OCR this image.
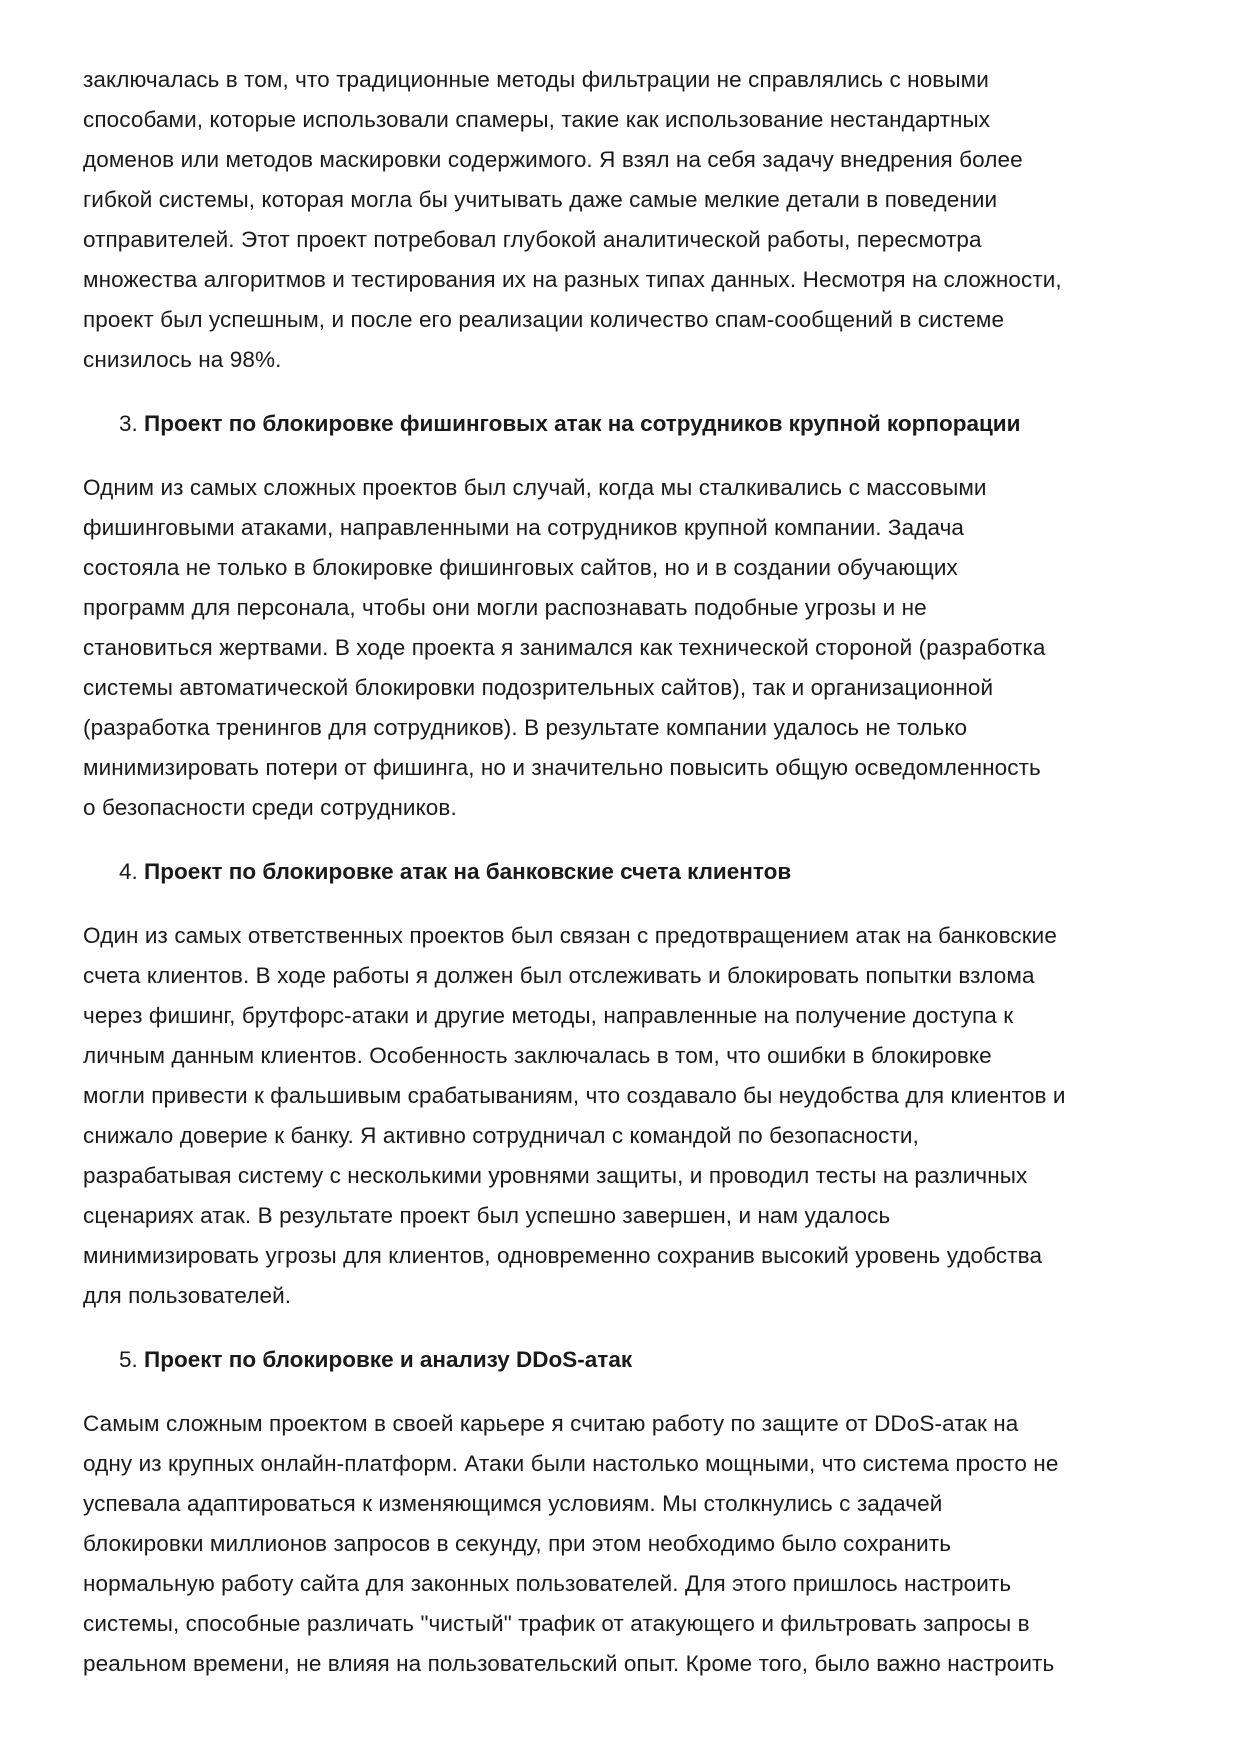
заключалась в том, что традиционные методы фильтрации не справлялись с новыми
способами, которые использовали спамеры, такие как использование нестандартных
доменов или методов маскировки содержимого. Я взял на себя задачу внедрения более
гибкой системы, которая могла бы учитывать даже самые мелкие детали в поведении
отправителей. Этот проект потребовал глубокой аналитической работы, пересмотра
множества алгоритмов и тестирования их на разных типах данных. Несмотря на сложности,
проект был успешным, и после его реализации количество спам-сообщений в системе
снизилось на 98%.

3. Проект по блокировке фишинговых атак на сотрудников крупной корпорации

Одним из самых сложных проектов был случай, когда мы сталкивались с массовыми
фишинговыми атаками, направленными на сотрудников крупной компании. Задача
состояла не только в блокировке фишинговых сайтов, но и в создании обучающих
программ для персонала, чтобы они могли распознавать подобные угрозы и не
становиться жертвами. В ходе проекта я занимался как технической стороной (разработка
системы автоматической блокировки подозрительных сайтов), так и организационной
(разработка тренингов для сотрудников). В результате компании удалось не только
минимизировать потери от фишинга, но и значительно повысить общую осведомленность
о безопасности среди сотрудников.

4. Проект по блокировке атак на банковские счета клиентов

Один из самых ответственных проектов был связан с предотвращением атак на банковские
счета клиентов. В ходе работы я должен был отслеживать и блокировать попытки взлома
через фишинг, брутфорс-атаки и другие методы, направленные на получение доступа к
личным данным клиентов. Особенность заключалась в том, что ошибки в блокировке
могли привести к фальшивым срабатываниям, что создавало бы неудобства для клиентов и
снижало доверие к банку. Я активно сотрудничал с командой по безопасности,
разрабатывая систему с несколькими уровнями защиты, и проводил тесты на различных
сценариях атак. В результате проект был успешно завершен, и нам удалось
минимизировать угрозы для клиентов, одновременно сохранив высокий уровень удобства
для пользователей.

5. Проект по блокировке и анализу DDoS-атак

Самым сложным проектом в своей карьере я считаю работу по защите от DDoS-атак на
одну из крупных онлайн-платформ. Атаки были настолько мощными, что система просто не
успевала адаптироваться к изменяющимся условиям. Мы столкнулись с задачей
блокировки миллионов запросов в секунду, при этом необходимо было сохранить
нормальную работу сайта для законных пользователей. Для этого пришлось настроить
системы, способные различать "чистый" трафик от атакующего и фильтровать запросы в
реальном времени, не влияя на пользовательский опыт. Кроме того, было важно настроить
